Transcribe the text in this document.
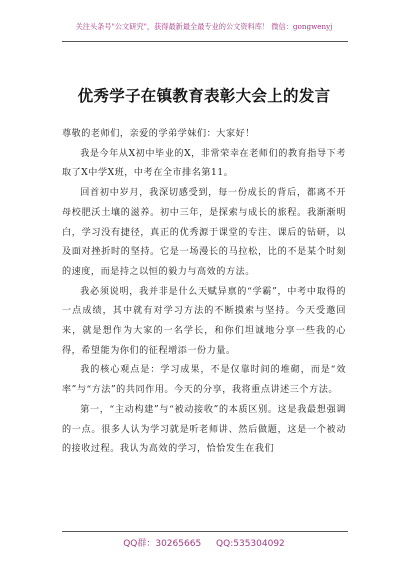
关注头条号"公文研究"，获得最新最全最专业的公文资料库！ 微信：gongwenyj
优秀学子在镇教育表彰大会上的发言

尊敬的老师们，亲爱的学弟学妹们：大家好！

我是今年从X初中毕业的X，非常荣幸在老师们的教育指导下考取了X中学X班，中考在全市排名第11。

回首初中岁月，我深切感受到，每一份成长的背后，都离不开母校肥沃土壤的滋养。初中三年，是探索与成长的旅程。我渐渐明白，学习没有捷径，真正的优秀源于课堂的专注、课后的钻研，以及面对挫折时的坚持。它是一场漫长的马拉松，比的不是某个时刻的速度，而是持之以恒的毅力与高效的方法。

我必须说明，我并非是什么天赋异禀的“学霸”，中考中取得的一点成绩，其中就有对学习方法的不断摸索与坚持。今天受邀回来，就是想作为大家的一名学长，和你们坦诚地分享一些我的心得，希望能为你们的征程增添一份力量。

我的核心观点是：学习成果，不是仅靠时间的堆砌，而是“效率”与“方法”的共同作用。今天的分享，我将重点讲述三个方法。

第一，“主动构建”与“被动接收”的本质区别。这是我最想强调的一点。很多人认为学习就是听老师讲、然后做题，这是一个被动的接收过程。我认为高效的学习，恰恰发生在我们

QQ群：30265665 QQ:535304092
